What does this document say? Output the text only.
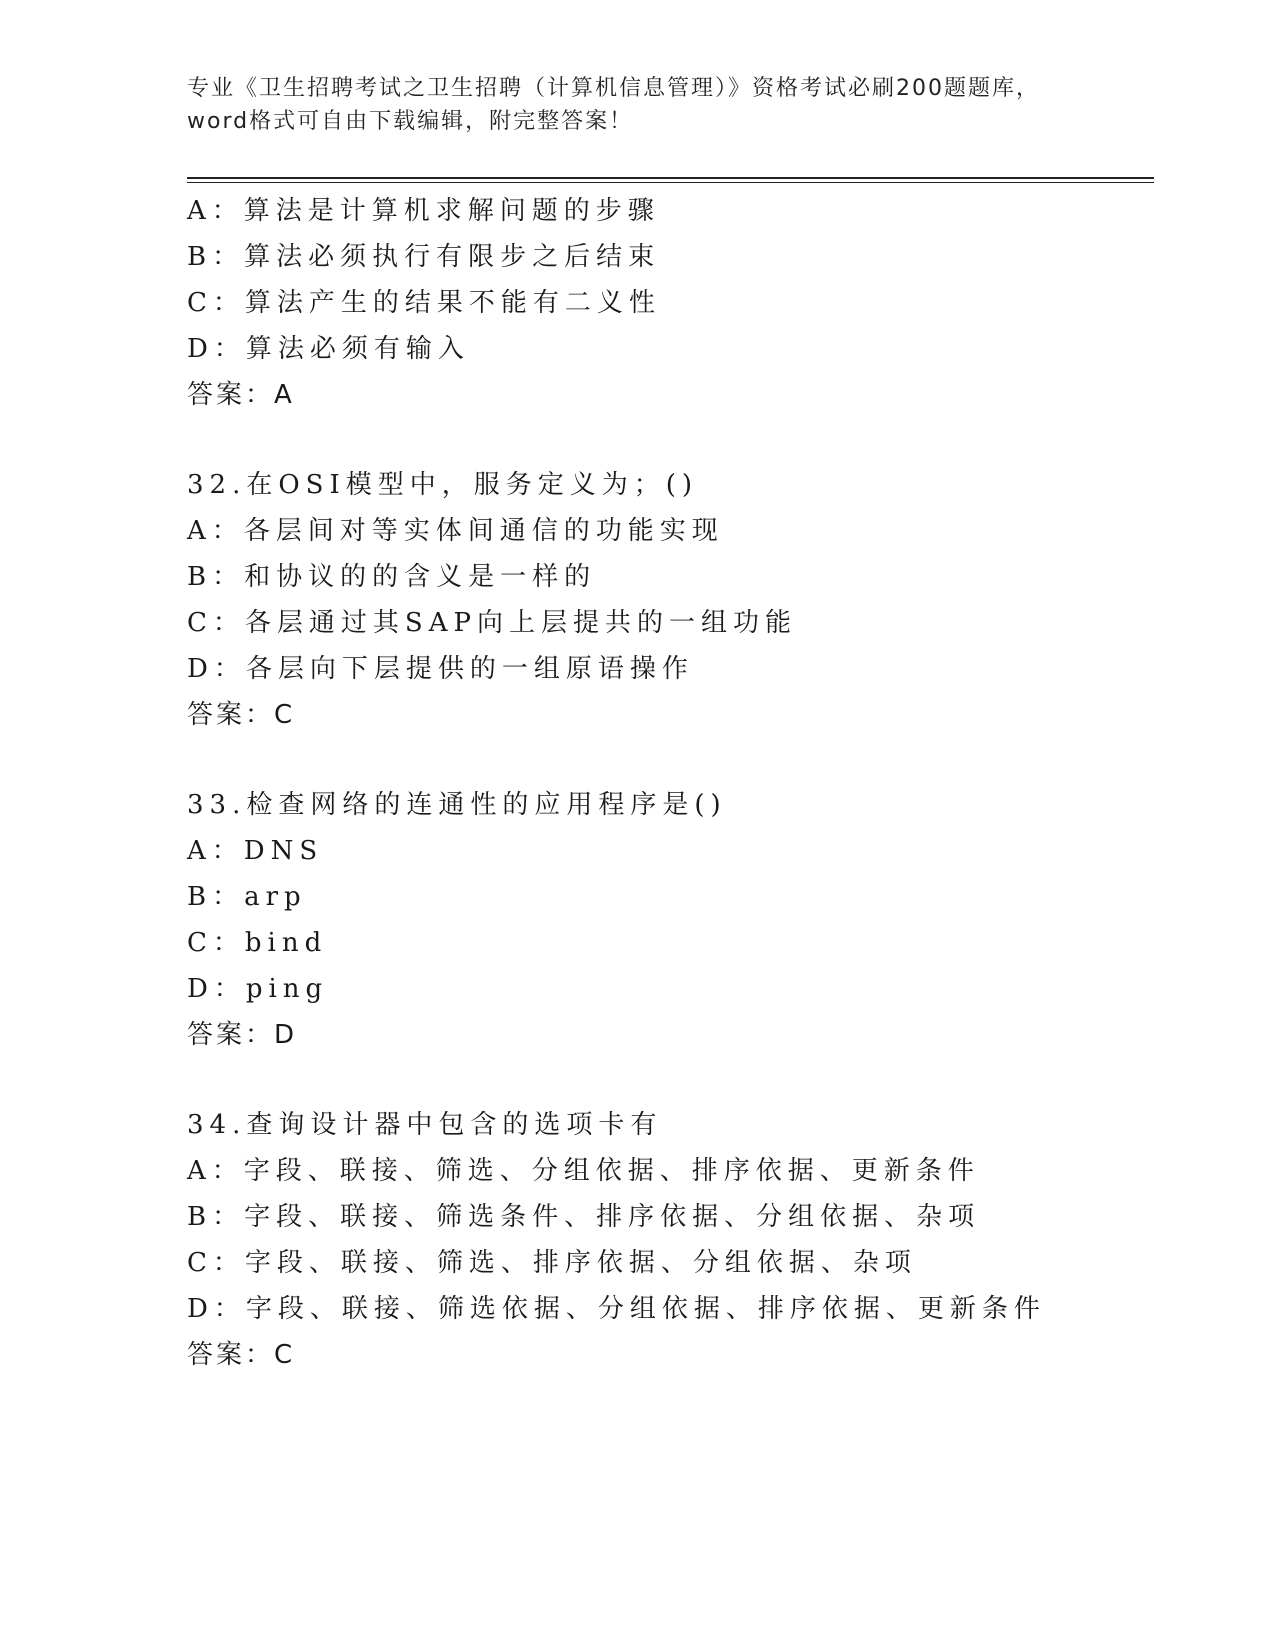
专业《卫生招聘考试之卫生招聘（计算机信息管理）》资格考试必刷200题题库，
word格式可自由下载编辑，附完整答案！
A：算法是计算机求解问题的步骤
B：算法必须执行有限步之后结束
C：算法产生的结果不能有二义性
D：算法必须有输入
答案：A
32.在OSI模型中，服务定义为；()
A：各层间对等实体间通信的功能实现
B：和协议的的含义是一样的
C：各层通过其SAP向上层提共的一组功能
D：各层向下层提供的一组原语操作
答案：C
33.检查网络的连通性的应用程序是()
A：DNS
B：arp
C：bind
D：ping
答案：D
34.查询设计器中包含的选项卡有
A：字段、联接、筛选、分组依据、排序依据、更新条件
B：字段、联接、筛选条件、排序依据、分组依据、杂项
C：字段、联接、筛选、排序依据、分组依据、杂项
D：字段、联接、筛选依据、分组依据、排序依据、更新条件
答案：C
